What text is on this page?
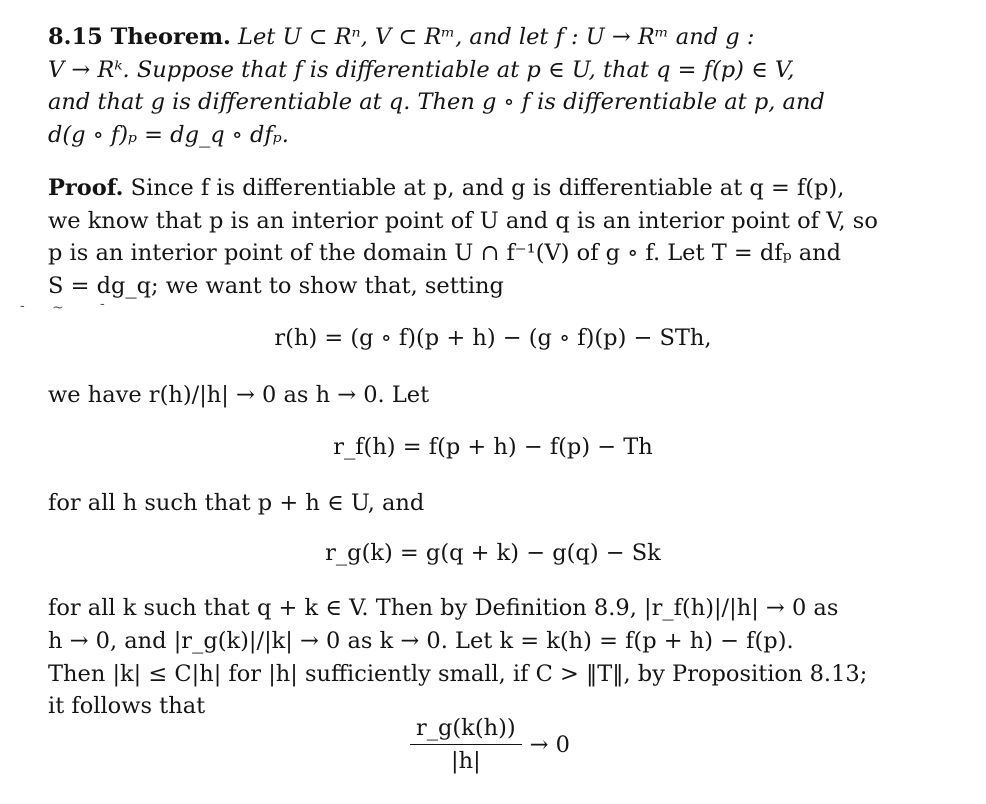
8.15 Theorem. Let U ⊂ Rⁿ, V ⊂ Rᵐ, and let f : U → Rᵐ and g :
V → Rᵏ. Suppose that f is differentiable at p ∈ U, that q = f(p) ∈ V,
and that g is differentiable at q. Then g ∘ f is differentiable at p, and
d(g ∘ f)ₚ = dg_q ∘ dfₚ.
Proof. Since f is differentiable at p, and g is differentiable at q = f(p),
we know that p is an interior point of U and q is an interior point of V, so
p is an interior point of the domain U ∩ f⁻¹(V) of g ∘ f. Let T = dfₚ and
S = dg_q; we want to show that, setting
- ~	-
r(h) = (g ∘ f)(p + h) − (g ∘ f)(p) − STh,
we have r(h)/|h| → 0 as h → 0. Let
r_f(h) = f(p + h) − f(p) − Th
for all h such that p + h ∈ U, and
r_g(k) = g(q + k) − g(q) − Sk
for all k such that q + k ∈ V. Then by Definition 8.9, |r_f(h)|/|h| → 0 as
h → 0, and |r_g(k)|/|k| → 0 as k → 0. Let k = k(h) = f(p + h) − f(p).
Then |k| ≤ C|h| for |h| sufficiently small, if C > ‖T‖, by Proposition 8.13;
it follows that
$\frac{r\_g(k(h))}{|h|} \to 0$
